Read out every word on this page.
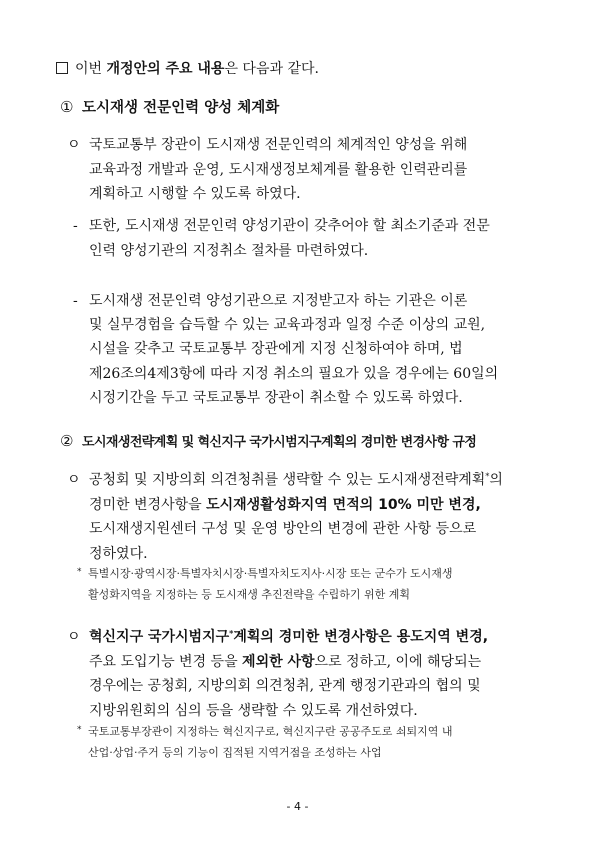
이번 개정안의 주요 내용은 다음과 같다.
① 도시재생 전문인력 양성 체계화
ㅇ 국토교통부 장관이 도시재생 전문인력의 체계적인 양성을 위해
교육과정 개발과 운영, 도시재생정보체계를 활용한 인력관리를
계획하고 시행할 수 있도록 하였다.
- 또한, 도시재생 전문인력 양성기관이 갖추어야 할 최소기준과 전문
인력 양성기관의 지정취소 절차를 마련하였다.
- 도시재생 전문인력 양성기관으로 지정받고자 하는 기관은 이론
및 실무경험을 습득할 수 있는 교육과정과 일정 수준 이상의 교원,
시설을 갖추고 국토교통부 장관에게 지정 신청하여야 하며, 법
제26조의4제3항에 따라 지정 취소의 필요가 있을 경우에는 60일의
시정기간을 두고 국토교통부 장관이 취소할 수 있도록 하였다.
② 도시재생전략계획 및 혁신지구 국가시범지구계획의 경미한 변경사항 규정
ㅇ 공청회 및 지방의회 의견청취를 생략할 수 있는 도시재생전략계획*의
경미한 변경사항을 도시재생활성화지역 면적의 10% 미만 변경,
도시재생지원센터 구성 및 운영 방안의 변경에 관한 사항 등으로
정하였다.
* 특별시장·광역시장·특별자치시장·특별자치도지사·시장 또는 군수가 도시재생
활성화지역을 지정하는 등 도시재생 추진전략을 수립하기 위한 계획
ㅇ 혁신지구 국가시범지구*계획의 경미한 변경사항은 용도지역 변경,
주요 도입기능 변경 등을 제외한 사항으로 정하고, 이에 해당되는
경우에는 공청회, 지방의회 의견청취, 관계 행정기관과의 협의 및
지방위원회의 심의 등을 생략할 수 있도록 개선하였다.
* 국토교통부장관이 지정하는 혁신지구로, 혁신지구란 공공주도로 쇠퇴지역 내
산업·상업·주거 등의 기능이 집적된 지역거점을 조성하는 사업
- 4 -
